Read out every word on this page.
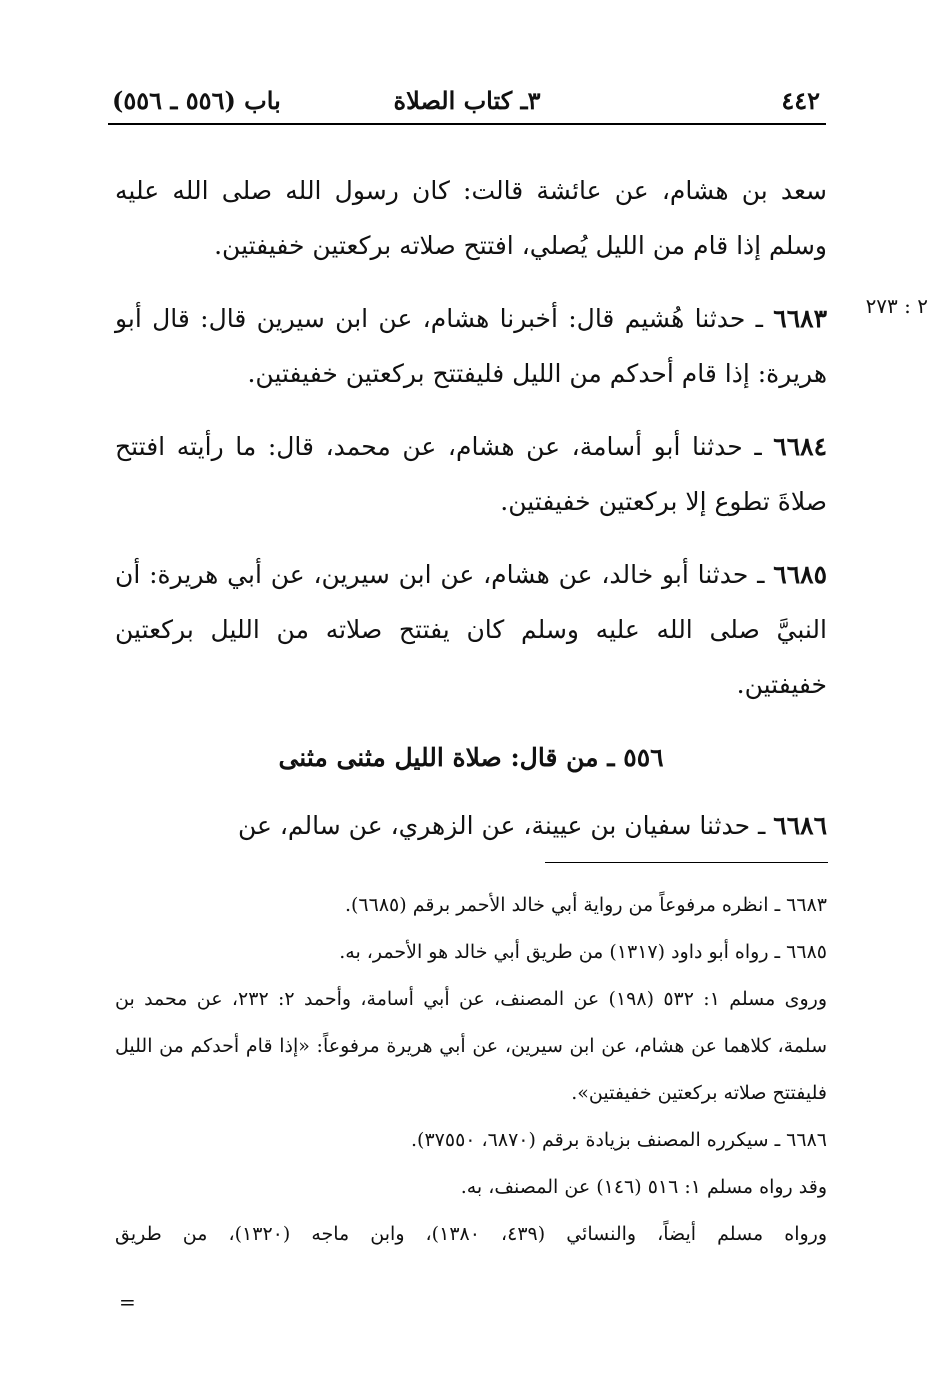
٤٤٢
٣ـ كتاب الصلاة
باب (٥٥٦ ـ ٥٥٦)
٢ : ٢٧٣

سعد بن هشام، عن عائشة قالت: كان رسول الله صلى الله عليه وسلم إذا قام من الليل يُصلي، افتتح صلاته بركعتين خفيفتين.

٦٦٨٣ ـ حدثنا هُشيم قال: أخبرنا هشام، عن ابن سيرين قال: قال أبو هريرة: إذا قام أحدكم من الليل فليفتتح بركعتين خفيفتين.

٦٦٨٤ ـ حدثنا أبو أسامة، عن هشام، عن محمد، قال: ما رأيته افتتح صلاةَ تطوع إلا بركعتين خفيفتين.

٦٦٨٥ ـ حدثنا أبو خالد، عن هشام، عن ابن سيرين، عن أبي هريرة: أن النبيَّ صلى الله عليه وسلم كان يفتتح صلاته من الليل بركعتين خفيفتين.

٥٥٦ ـ من قال: صلاة الليل مثنى مثنى

٦٦٨٦ ـ حدثنا سفيان بن عيينة، عن الزهري، عن سالم، عن

٦٦٨٣ ـ انظره مرفوعاً من رواية أبي خالد الأحمر برقم (٦٦٨٥).

٦٦٨٥ ـ رواه أبو داود (١٣١٧) من طريق أبي خالد هو الأحمر، به.

وروى مسلم ١: ٥٣٢ (١٩٨) عن المصنف، عن أبي أسامة، وأحمد ٢: ٢٣٢، عن محمد بن سلمة، كلاهما عن هشام، عن ابن سيرين، عن أبي هريرة مرفوعاً: «إذا قام أحدكم من الليل فليفتتح صلاته بركعتين خفيفتين».

٦٦٨٦ ـ سيكرره المصنف بزيادة برقم (٦٨٧٠، ٣٧٥٥٠).

وقد رواه مسلم ١: ٥١٦ (١٤٦) عن المصنف، به.

ورواه مسلم أيضاً، والنسائي (٤٣٩، ١٣٨٠)، وابن ماجه (١٣٢٠)، من طريق

=
